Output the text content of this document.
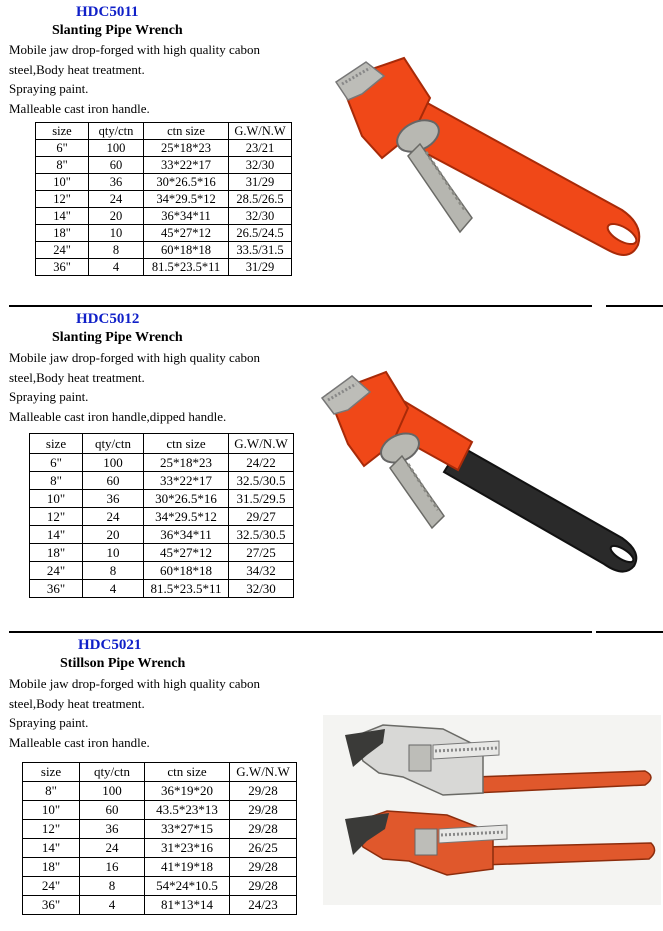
HDC5011
Slanting Pipe Wrench
Mobile jaw drop-forged with high quality cabon
steel,Body heat treatment.
Spraying paint.
Malleable cast iron handle.
size	qty/ctn	ctn size	G.W/N.W
6"	100	25*18*23	23/21
8"	60	33*22*17	32/30
10"	36	30*26.5*16	31/29
12"	24	34*29.5*12	28.5/26.5
14"	20	36*34*11	32/30
18"	10	45*27*12	26.5/24.5
24"	8	60*18*18	33.5/31.5
36"	4	81.5*23.5*11	31/29
HDC5012
Slanting Pipe Wrench
Mobile jaw drop-forged with high quality cabon
steel,Body heat treatment.
Spraying paint.
Malleable cast iron handle,dipped handle.
size	qty/ctn	ctn size	G.W/N.W
6"	100	25*18*23	24/22
8"	60	33*22*17	32.5/30.5
10"	36	30*26.5*16	31.5/29.5
12"	24	34*29.5*12	29/27
14"	20	36*34*11	32.5/30.5
18"	10	45*27*12	27/25
24"	8	60*18*18	34/32
36"	4	81.5*23.5*11	32/30
HDC5021
Stillson Pipe Wrench
Mobile jaw drop-forged with high quality cabon
steel,Body heat treatment.
Spraying paint.
Malleable cast iron handle.
size	qty/ctn	ctn size	G.W/N.W
8"	100	36*19*20	29/28
10"	60	43.5*23*13	29/28
12"	36	33*27*15	29/28
14"	24	31*23*16	26/25
18"	16	41*19*18	29/28
24"	8	54*24*10.5	29/28
36"	4	81*13*14	24/23
